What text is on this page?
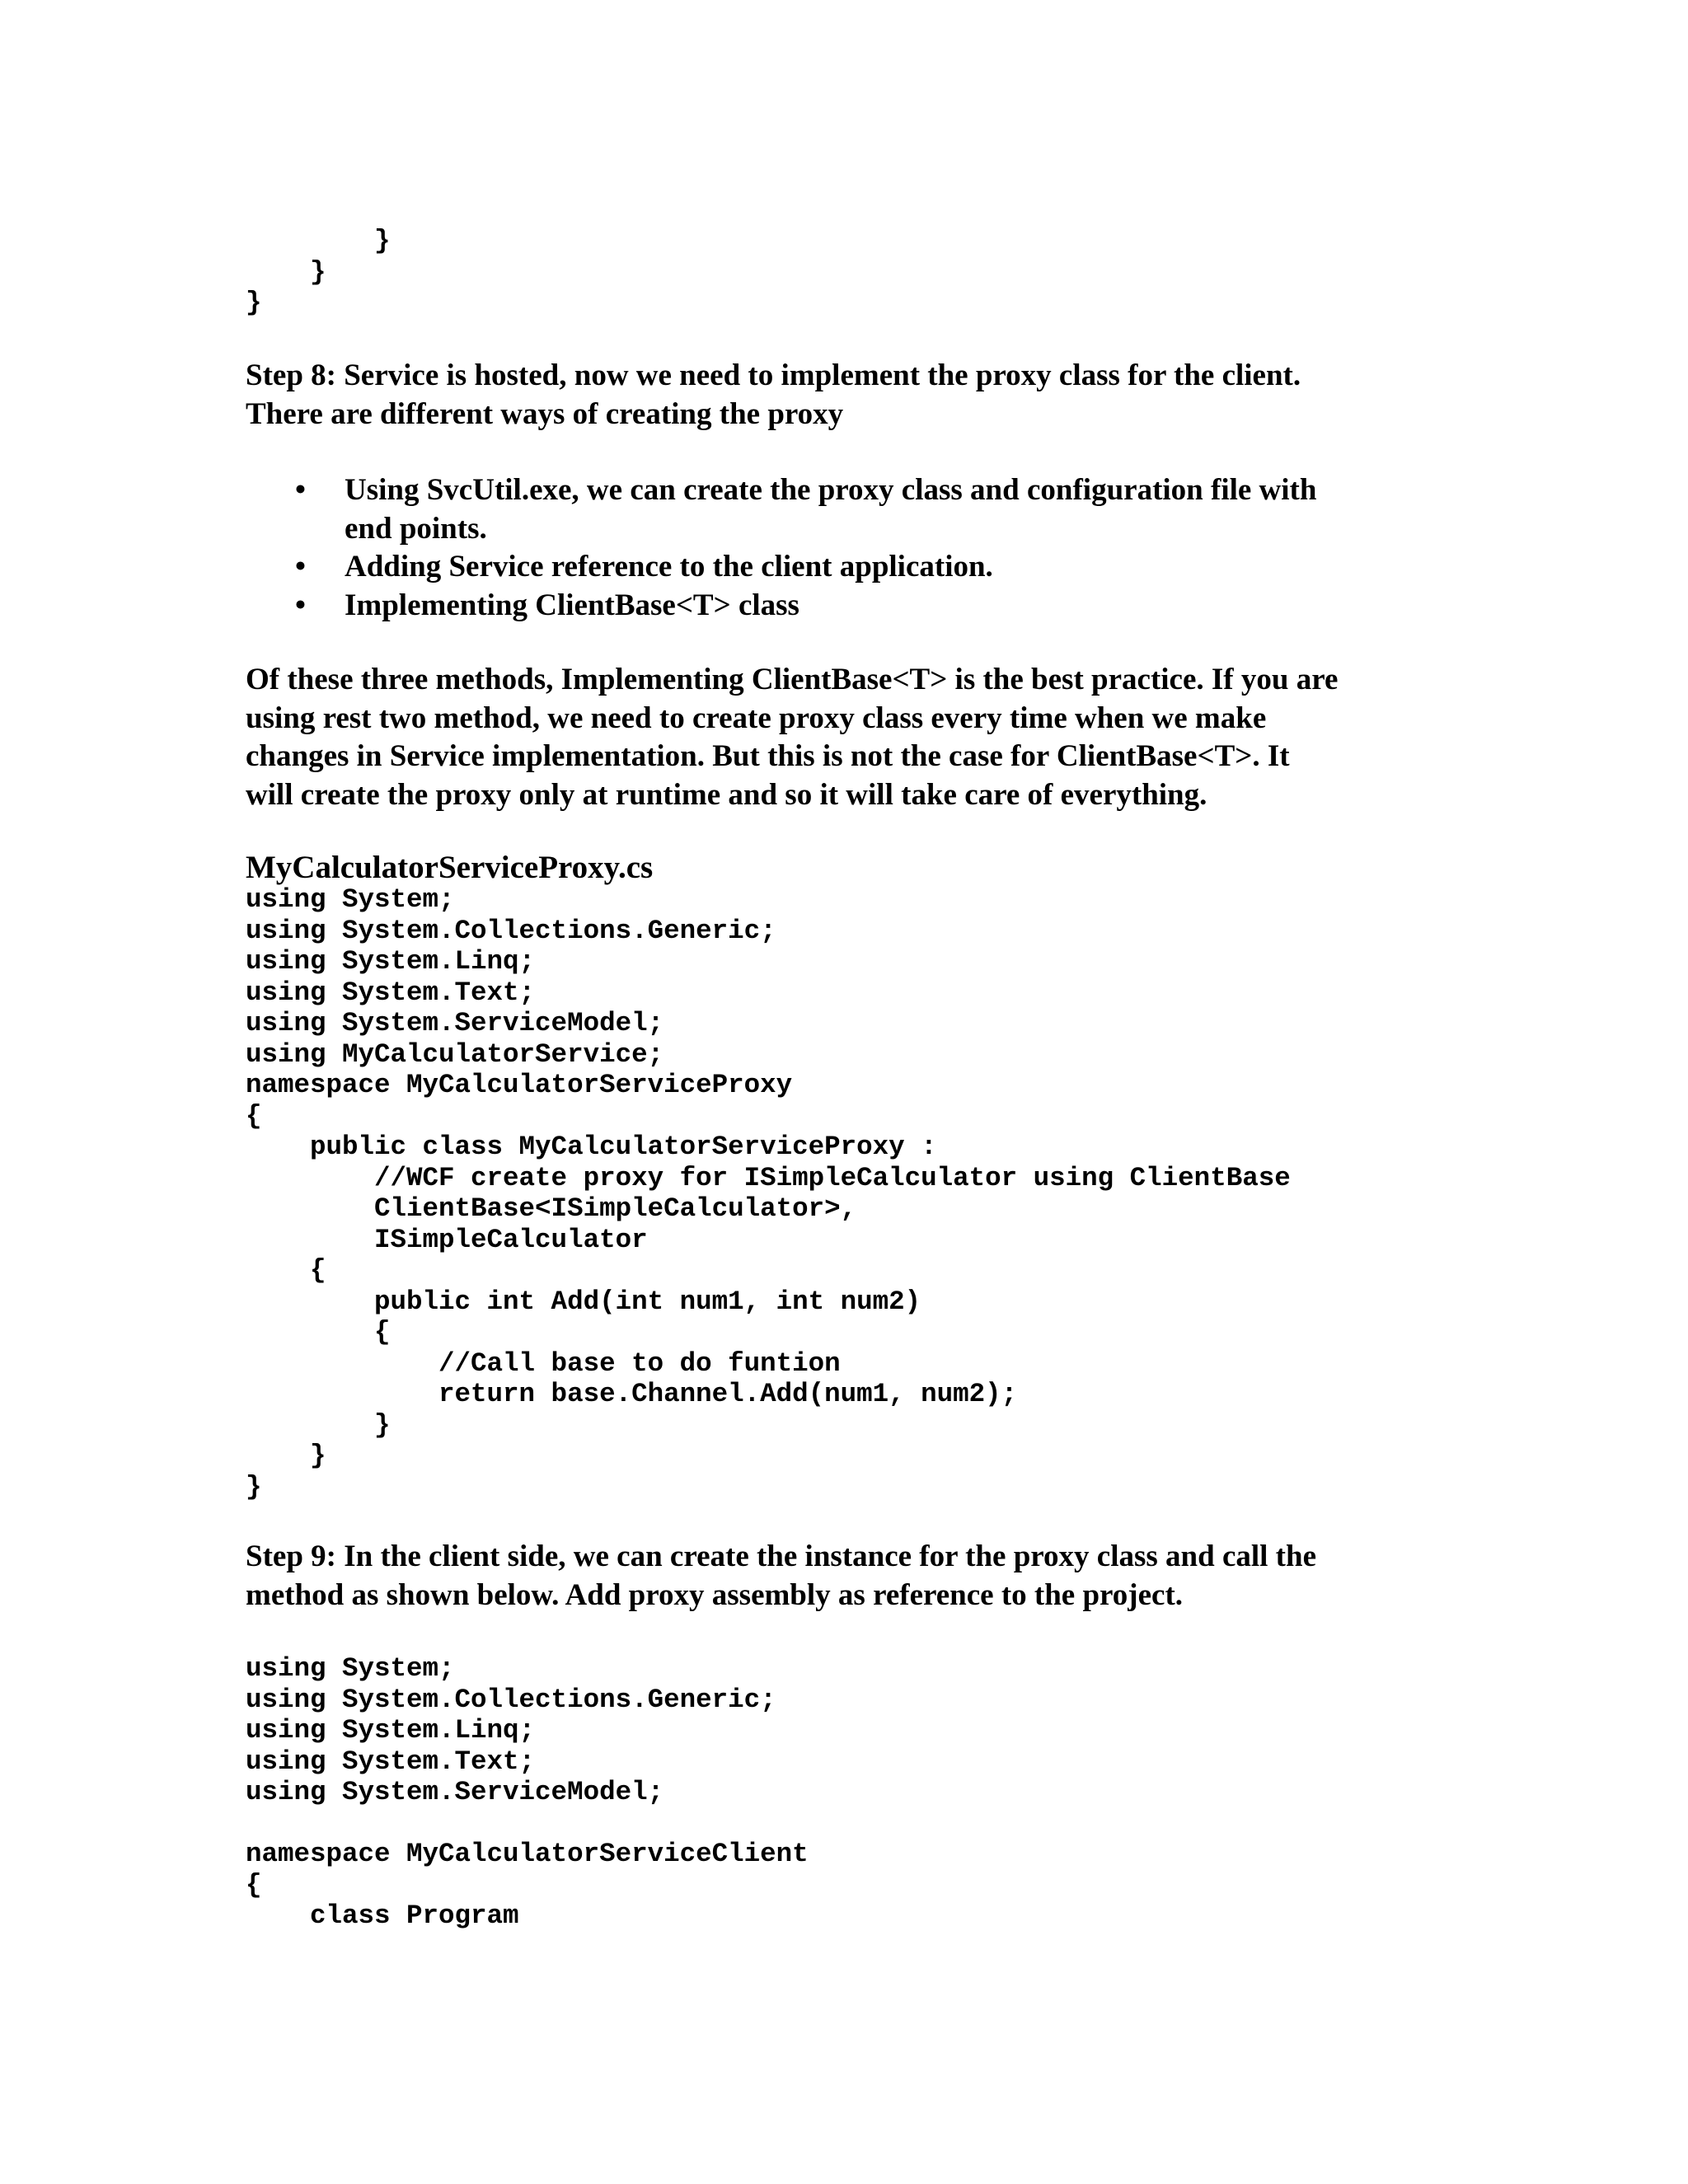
}
}
}
Step 8: Service is hosted, now we need to implement the proxy class for the client.
There are different ways of creating the proxy
• Using SvcUtil.exe, we can create the proxy class and configuration file with
end points.
• Adding Service reference to the client application.
• Implementing ClientBase<T> class
Of these three methods, Implementing ClientBase<T> is the best practice. If you are
using rest two method, we need to create proxy class every time when we make
changes in Service implementation. But this is not the case for ClientBase<T>. It
will create the proxy only at runtime and so it will take care of everything.
MyCalculatorServiceProxy.cs
using System;
using System.Collections.Generic;
using System.Linq;
using System.Text;
using System.ServiceModel;
using MyCalculatorService;
namespace MyCalculatorServiceProxy
{
public class MyCalculatorServiceProxy :
//WCF create proxy for ISimpleCalculator using ClientBase
ClientBase<ISimpleCalculator>,
ISimpleCalculator
{
public int Add(int num1, int num2)
{
//Call base to do funtion
return base.Channel.Add(num1, num2);
}
}
}
Step 9: In the client side, we can create the instance for the proxy class and call the
method as shown below. Add proxy assembly as reference to the project.
using System;
using System.Collections.Generic;
using System.Linq;
using System.Text;
using System.ServiceModel;

namespace MyCalculatorServiceClient
{
class Program
